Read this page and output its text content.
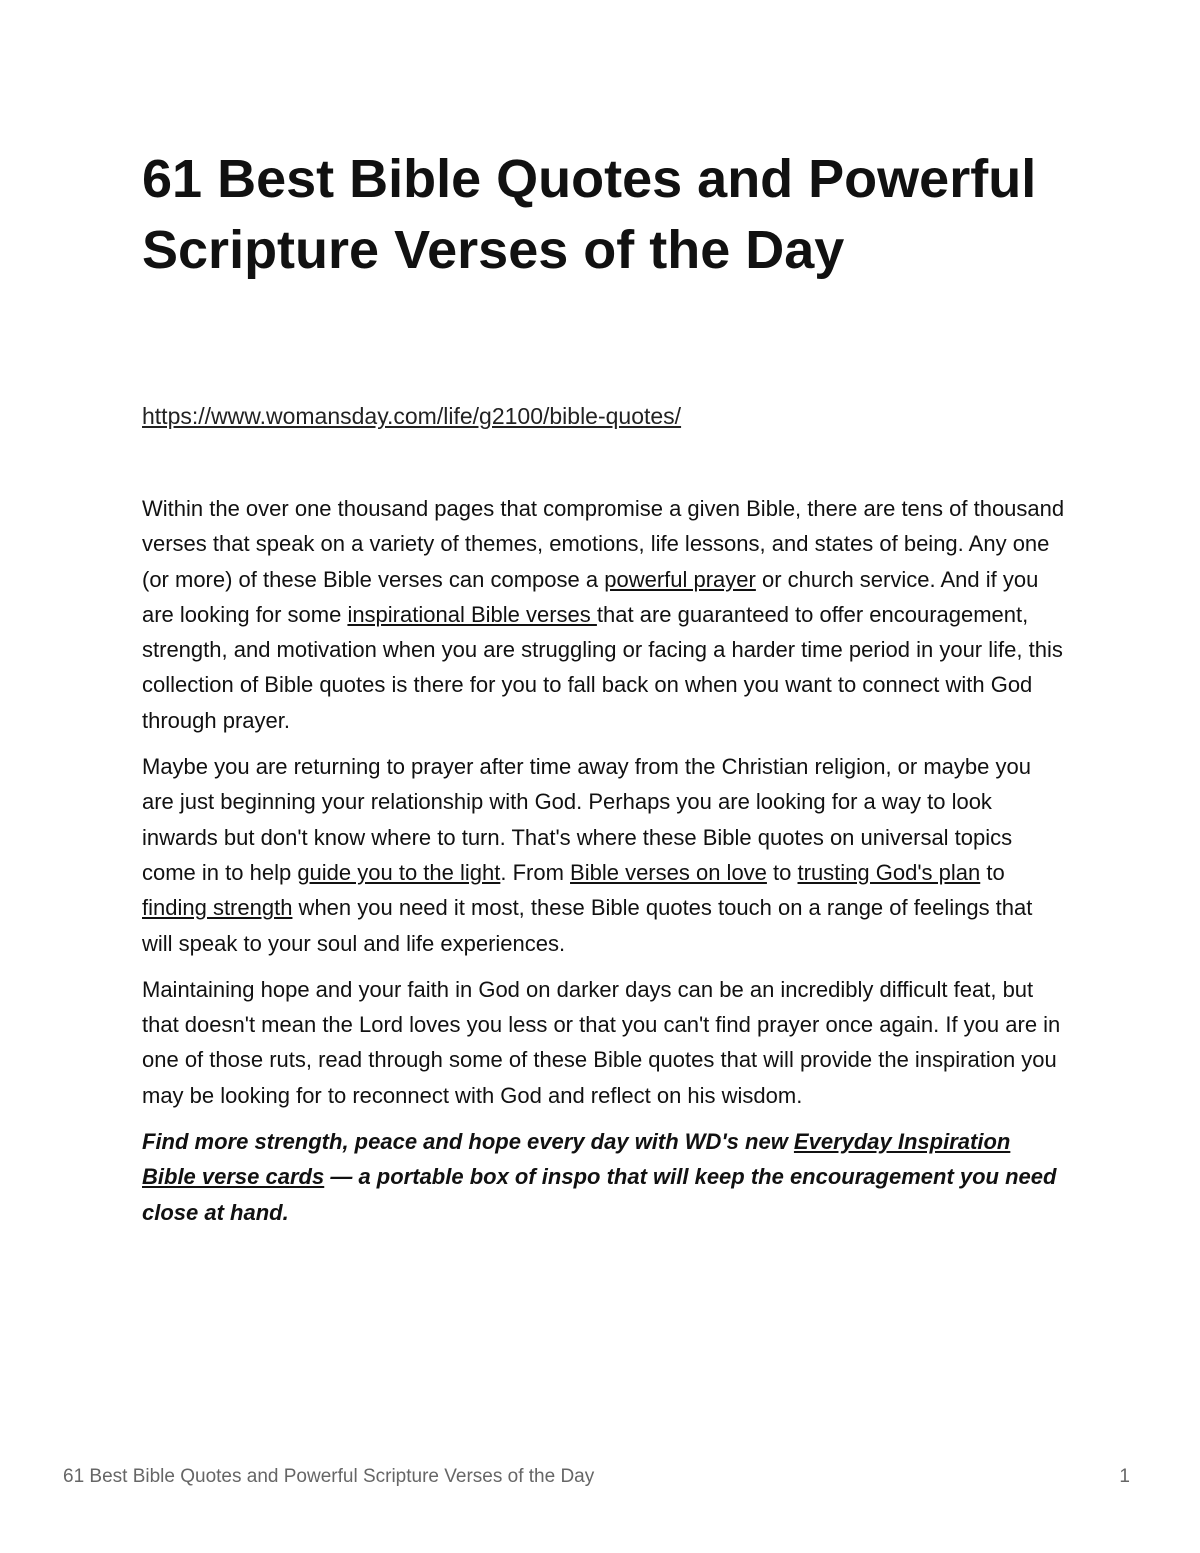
61 Best Bible Quotes and Powerful Scripture Verses of the Day
https://www.womansday.com/life/g2100/bible-quotes/

Within the over one thousand pages that compromise a given Bible, there are tens of thousand verses that speak on a variety of themes, emotions, life lessons, and states of being. Any one (or more) of these Bible verses can compose a powerful prayer or church service. And if you are looking for some inspirational Bible verses that are guaranteed to offer encouragement, strength, and motivation when you are struggling or facing a harder time period in your life, this collection of Bible quotes is there for you to fall back on when you want to connect with God through prayer.

Maybe you are returning to prayer after time away from the Christian religion, or maybe you are just beginning your relationship with God. Perhaps you are looking for a way to look inwards but don't know where to turn. That's where these Bible quotes on universal topics come in to help guide you to the light. From Bible verses on love to trusting God's plan to finding strength when you need it most, these Bible quotes touch on a range of feelings that will speak to your soul and life experiences.

Maintaining hope and your faith in God on darker days can be an incredibly difficult feat, but that doesn't mean the Lord loves you less or that you can't find prayer once again. If you are in one of those ruts, read through some of these Bible quotes that will provide the inspiration you may be looking for to reconnect with God and reflect on his wisdom.

Find more strength, peace and hope every day with WD's new Everyday Inspiration Bible verse cards — a portable box of inspo that will keep the encouragement you need close at hand.

61 Best Bible Quotes and Powerful Scripture Verses of the Day	1
